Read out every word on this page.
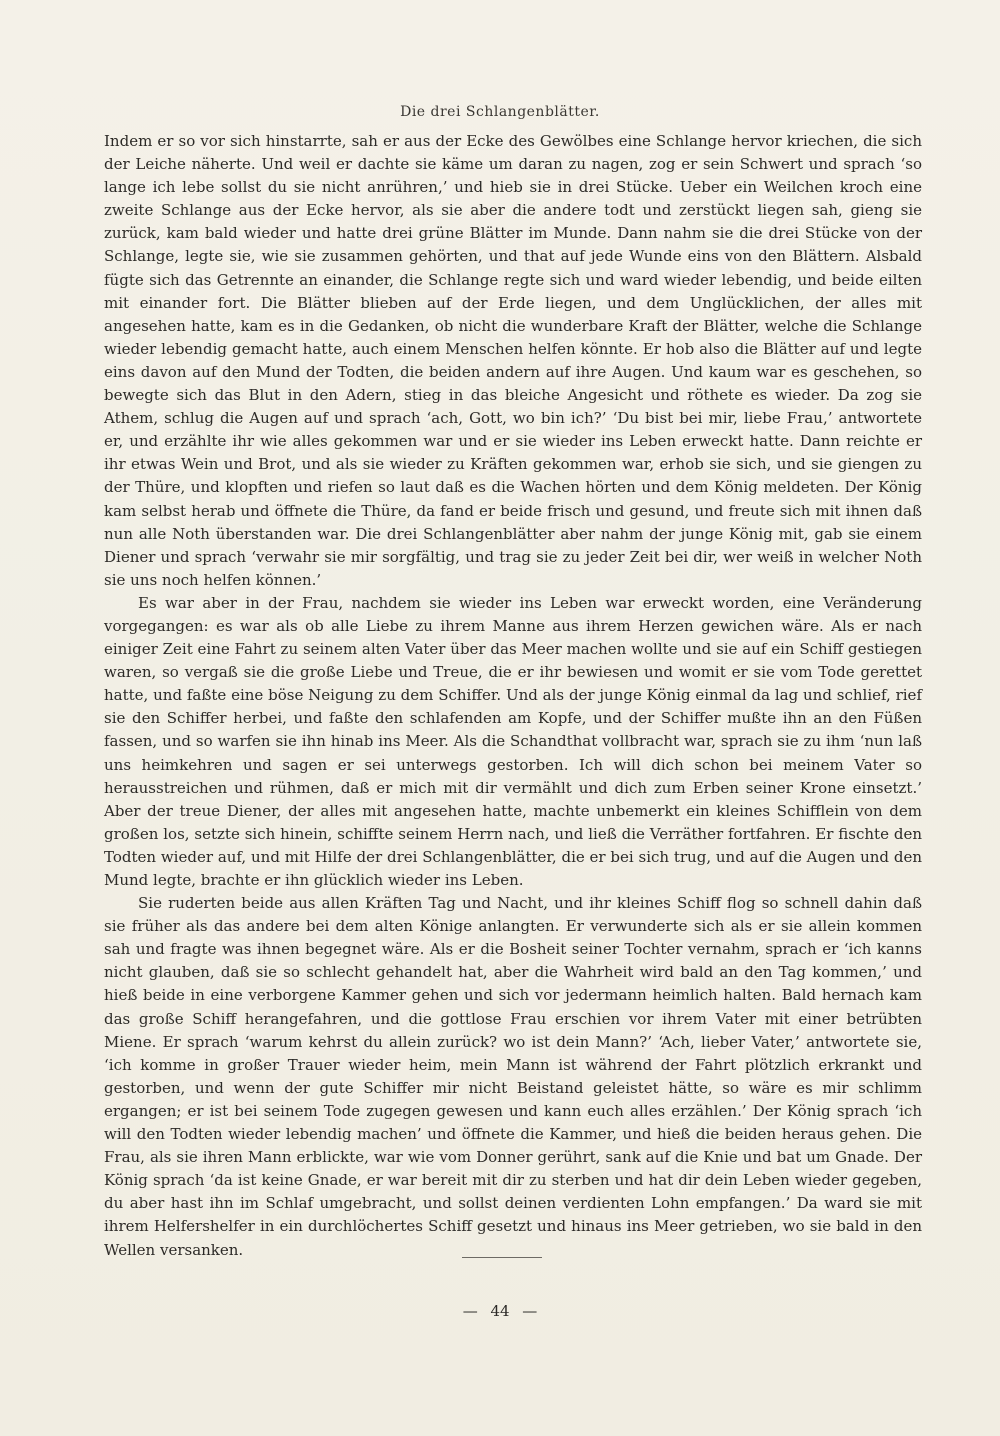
Die drei Schlangenblätter.

Indem er so vor sich hinstarrte, sah er aus der Ecke des Gewölbes eine Schlange hervor kriechen, die sich der Leiche näherte. Und weil er dachte sie käme um daran zu nagen, zog er sein Schwert und sprach ‘so lange ich lebe sollst du sie nicht anrühren,’ und hieb sie in drei Stücke. Ueber ein Weilchen kroch eine zweite Schlange aus der Ecke hervor, als sie aber die andere todt und zerstückt liegen sah, gieng sie zurück, kam bald wieder und hatte drei grüne Blätter im Munde. Dann nahm sie die drei Stücke von der Schlange, legte sie, wie sie zusammen gehörten, und that auf jede Wunde eins von den Blättern. Alsbald fügte sich das Getrennte an einander, die Schlange regte sich und ward wieder lebendig, und beide eilten mit einander fort. Die Blätter blieben auf der Erde liegen, und dem Unglücklichen, der alles mit angesehen hatte, kam es in die Gedanken, ob nicht die wunderbare Kraft der Blätter, welche die Schlange wieder lebendig gemacht hatte, auch einem Menschen helfen könnte. Er hob also die Blätter auf und legte eins davon auf den Mund der Todten, die beiden andern auf ihre Augen. Und kaum war es geschehen, so bewegte sich das Blut in den Adern, stieg in das bleiche Angesicht und röthete es wieder. Da zog sie Athem, schlug die Augen auf und sprach ‘ach, Gott, wo bin ich?’ ‘Du bist bei mir, liebe Frau,’ antwortete er, und erzählte ihr wie alles gekommen war und er sie wieder ins Leben erweckt hatte. Dann reichte er ihr etwas Wein und Brot, und als sie wieder zu Kräften gekommen war, erhob sie sich, und sie giengen zu der Thüre, und klopften und riefen so laut daß es die Wachen hörten und dem König meldeten. Der König kam selbst herab und öffnete die Thüre, da fand er beide frisch und gesund, und freute sich mit ihnen daß nun alle Noth überstanden war. Die drei Schlangenblätter aber nahm der junge König mit, gab sie einem Diener und sprach ‘verwahr sie mir sorgfältig, und trag sie zu jeder Zeit bei dir, wer weiß in welcher Noth sie uns noch helfen können.’

Es war aber in der Frau, nachdem sie wieder ins Leben war erweckt worden, eine Veränderung vorgegangen: es war als ob alle Liebe zu ihrem Manne aus ihrem Herzen gewichen wäre. Als er nach einiger Zeit eine Fahrt zu seinem alten Vater über das Meer machen wollte und sie auf ein Schiff gestiegen waren, so vergaß sie die große Liebe und Treue, die er ihr bewiesen und womit er sie vom Tode gerettet hatte, und faßte eine böse Neigung zu dem Schiffer. Und als der junge König einmal da lag und schlief, rief sie den Schiffer herbei, und faßte den schlafenden am Kopfe, und der Schiffer mußte ihn an den Füßen fassen, und so warfen sie ihn hinab ins Meer. Als die Schandthat vollbracht war, sprach sie zu ihm ‘nun laß uns heimkehren und sagen er sei unterwegs gestorben. Ich will dich schon bei meinem Vater so herausstreichen und rühmen, daß er mich mit dir vermählt und dich zum Erben seiner Krone einsetzt.’ Aber der treue Diener, der alles mit angesehen hatte, machte unbemerkt ein kleines Schifflein von dem großen los, setzte sich hinein, schiffte seinem Herrn nach, und ließ die Verräther fortfahren. Er fischte den Todten wieder auf, und mit Hilfe der drei Schlangenblätter, die er bei sich trug, und auf die Augen und den Mund legte, brachte er ihn glücklich wieder ins Leben.

Sie ruderten beide aus allen Kräften Tag und Nacht, und ihr kleines Schiff flog so schnell dahin daß sie früher als das andere bei dem alten Könige anlangten. Er verwunderte sich als er sie allein kommen sah und fragte was ihnen begegnet wäre. Als er die Bosheit seiner Tochter vernahm, sprach er ‘ich kanns nicht glauben, daß sie so schlecht gehandelt hat, aber die Wahrheit wird bald an den Tag kommen,’ und hieß beide in eine verborgene Kammer gehen und sich vor jedermann heimlich halten. Bald hernach kam das große Schiff herangefahren, und die gottlose Frau erschien vor ihrem Vater mit einer betrübten Miene. Er sprach ‘warum kehrst du allein zurück? wo ist dein Mann?’ ‘Ach, lieber Vater,’ antwortete sie, ‘ich komme in großer Trauer wieder heim, mein Mann ist während der Fahrt plötzlich erkrankt und gestorben, und wenn der gute Schiffer mir nicht Beistand geleistet hätte, so wäre es mir schlimm ergangen; er ist bei seinem Tode zugegen gewesen und kann euch alles erzählen.’ Der König sprach ‘ich will den Todten wieder lebendig machen’ und öffnete die Kammer, und hieß die beiden heraus gehen. Die Frau, als sie ihren Mann erblickte, war wie vom Donner gerührt, sank auf die Knie und bat um Gnade. Der König sprach ‘da ist keine Gnade, er war bereit mit dir zu sterben und hat dir dein Leben wieder gegeben, du aber hast ihn im Schlaf umgebracht, und sollst deinen verdienten Lohn empfangen.’ Da ward sie mit ihrem Helfershelfer in ein durchlöchertes Schiff gesetzt und hinaus ins Meer getrieben, wo sie bald in den Wellen versanken.

— 44 —
